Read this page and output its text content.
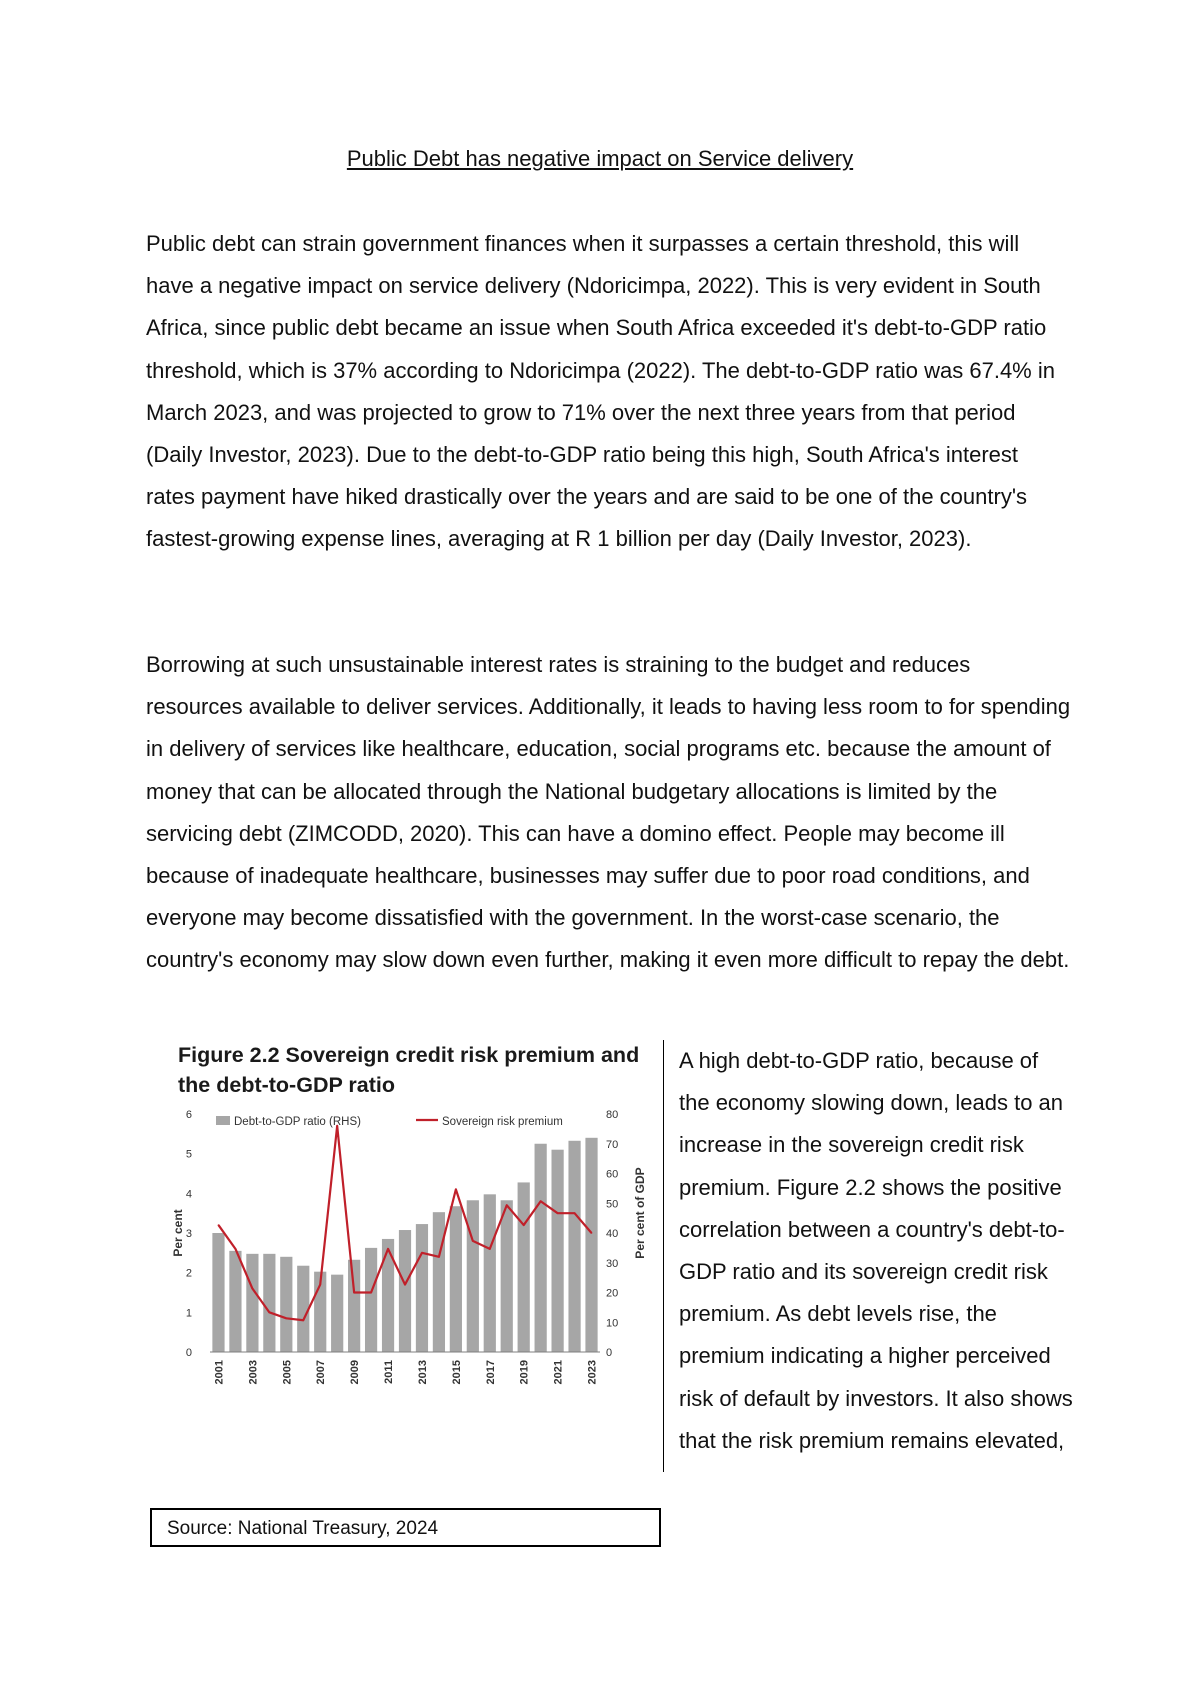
Public Debt has negative impact on Service delivery

Public debt can strain government finances when it surpasses a certain threshold, this will have a negative impact on service delivery (Ndoricimpa, 2022). This is very evident in South Africa, since public debt became an issue when South Africa exceeded it's debt-to-GDP ratio threshold, which is 37% according to Ndoricimpa (2022). The debt-to-GDP ratio was 67.4% in March 2023, and was projected to grow to 71% over the next three years from that period (Daily Investor, 2023). Due to the debt-to-GDP ratio being this high, South Africa's interest rates payment have hiked drastically over the years and are said to be one of the country's fastest-growing expense lines, averaging at R 1 billion per day (Daily Investor, 2023).

Borrowing at such unsustainable interest rates is straining to the budget and reduces resources available to deliver services. Additionally, it leads to having less room to for spending in delivery of services like healthcare, education, social programs etc. because the amount of money that can be allocated through the National budgetary allocations is limited by the servicing debt (ZIMCODD, 2020). This can have a domino effect. People may become ill because of inadequate healthcare, businesses may suffer due to poor road conditions, and everyone may become dissatisfied with the government. In the worst-case scenario, the country's economy may slow down even further, making it even more difficult to repay the debt.

Figure 2.2 Sovereign credit risk premium and the debt-to-GDP ratio
0
1
2
3
4
5
6
0
10
20
30
40
50
60
70
80
2001 2003 2005 2007 2009 2011 2013 2015 2017 2019 2021 2023
Per cent	Per cent of GDP
Debt-to-GDP ratio (RHS)	Sovereign risk premium

A high debt-to-GDP ratio, because of the economy slowing down, leads to an increase in the sovereign credit risk premium. Figure 2.2 shows the positive correlation between a country's debt-to-GDP ratio and its sovereign credit risk premium. As debt levels rise, the premium indicating a higher perceived risk of default by investors. It also shows that the risk premium remains elevated,

Source: National Treasury, 2024
